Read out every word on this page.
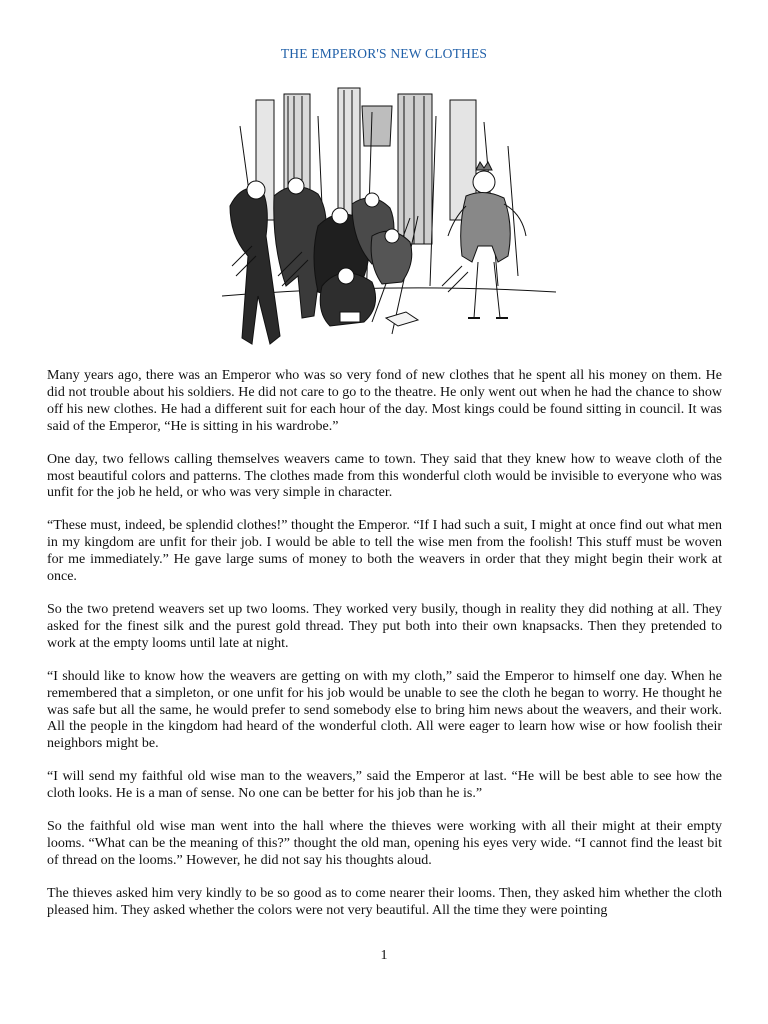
THE EMPEROR'S NEW CLOTHES

Many years ago, there was an Emperor who was so very fond of new clothes that he spent all his money on them. He did not trouble about his soldiers. He did not care to go to the theatre. He only went out when he had the chance to show off his new clothes. He had a different suit for each hour of the day. Most kings could be found sitting in council. It was said of the Emperor, “He is sitting in his wardrobe.”

One day, two fellows calling themselves weavers came to town. They said that they knew how to weave cloth of the most beautiful colors and patterns. The clothes made from this wonderful cloth would be invisible to everyone who was unfit for the job he held, or who was very simple in character.

“These must, indeed, be splendid clothes!” thought the Emperor. “If I had such a suit, I might at once find out what men in my kingdom are unfit for their job. I would be able to tell the wise men from the foolish! This stuff must be woven for me immediately.” He gave large sums of money to both the weavers in order that they might begin their work at once.

So the two pretend weavers set up two looms. They worked very busily, though in reality they did nothing at all. They asked for the finest silk and the purest gold thread. They put both into their own knapsacks. Then they pretended to work at the empty looms until late at night.

“I should like to know how the weavers are getting on with my cloth,” said the Emperor to himself one day. When he remembered that a simpleton, or one unfit for his job would be unable to see the cloth he began to worry. He thought he was safe but all the same, he would prefer to send somebody else to bring him news about the weavers, and their work. All the people in the kingdom had heard of the wonderful cloth. All were eager to learn how wise or how foolish their neighbors might be.

“I will send my faithful old wise man to the weavers,” said the Emperor at last. “He will be best able to see how the cloth looks. He is a man of sense. No one can be better for his job than he is.”

So the faithful old wise man went into the hall where the thieves were working with all their might at their empty looms. “What can be the meaning of this?” thought the old man, opening his eyes very wide. “I cannot find the least bit of thread on the looms.” However, he did not say his thoughts aloud.

The thieves asked him very kindly to be so good as to come nearer their looms. Then, they asked him whether the cloth pleased him. They asked whether the colors were not very beautiful. All the time they were pointing

1
